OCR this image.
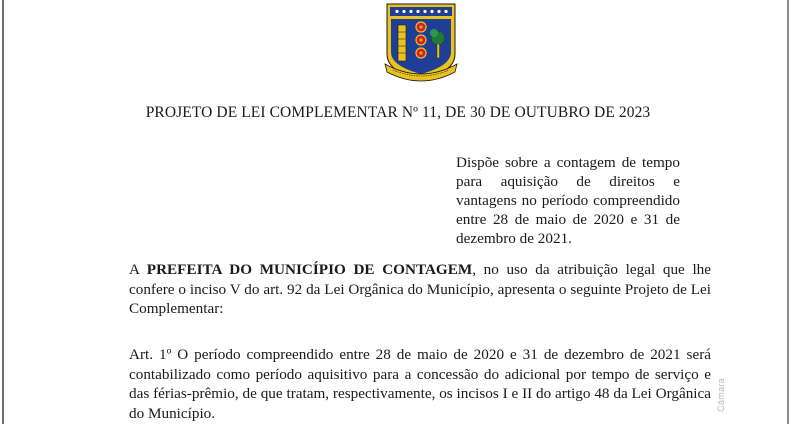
PROJETO DE LEI COMPLEMENTAR Nº 11, DE 30 DE OUTUBRO DE 2023
Dispõe sobre a contagem de tempo para aquisição de direitos e vantagens no período compreendido entre 28 de maio de 2020 e 31 de dezembro de 2021.
A PREFEITA DO MUNICÍPIO DE CONTAGEM, no uso da atribuição legal que lhe confere o inciso V do art. 92 da Lei Orgânica do Município, apresenta o seguinte Projeto de Lei Complementar:
Art. 1º O período compreendido entre 28 de maio de 2020 e 31 de dezembro de 2021 será contabilizado como período aquisitivo para a concessão do adicional por tempo de serviço e das férias-prêmio, de que tratam, respectivamente, os incisos I e II do artigo 48 da Lei Orgânica do Município.
Câmara
